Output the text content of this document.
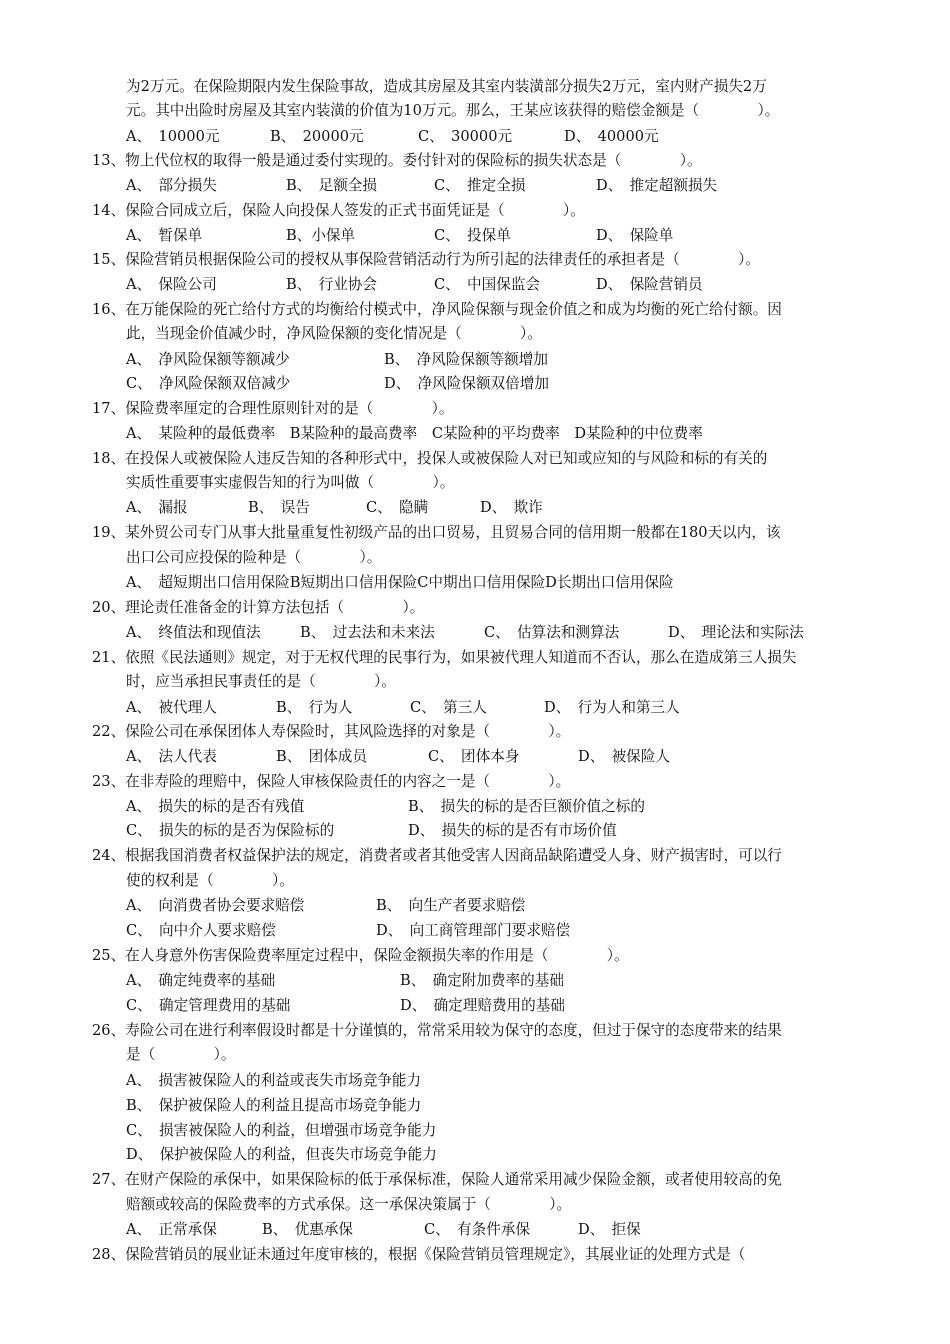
为2万元。在保险期限内发生保险事故，造成其房屋及其室内装潢部分损失2万元，室内财产损失2万
元。其中出险时房屋及其室内装潢的价值为10万元。那么，王某应该获得的赔偿金额是（　　　　）。
A、　10000元	B、　20000元	C、　30000元	D、　40000元
13、物上代位权的取得一般是通过委付实现的。委付针对的保险标的损失状态是（　　　　）。
A、　部分损失	B、　足额全损	C、　推定全损	D、　推定超额损失
14、保险合同成立后，保险人向投保人签发的正式书面凭证是（　　　　）。
A、　暂保单	B、小保单	C、　投保单	D、　保险单
15、保险营销员根据保险公司的授权从事保险营销活动行为所引起的法律责任的承担者是（　　　　）。
A、　保险公司	B、　行业协会	C、　中国保监会	D、　保险营销员
16、在万能保险的死亡给付方式的均衡给付模式中，净风险保额与现金价值之和成为均衡的死亡给付额。因
此，当现金价值减少时，净风险保额的变化情况是（　　　　）。
A、　净风险保额等额减少	B、　净风险保额等额增加
C、　净风险保额双倍减少	D、　净风险保额双倍增加
17、保险费率厘定的合理性原则针对的是（　　　　）。
A、　某险种的最低费率　B某险种的最高费率　C某险种的平均费率　D某险种的中位费率
18、在投保人或被保险人违反告知的各种形式中，投保人或被保险人对已知或应知的与风险和标的有关的
实质性重要事实虚假告知的行为叫做（　　　　）。
A、　漏报	B、　误告	C、　隐瞒	D、　欺诈
19、某外贸公司专门从事大批量重复性初级产品的出口贸易，且贸易合同的信用期一般都在180天以内，该
出口公司应投保的险种是（　　　　）。
A、　超短期出口信用保险B短期出口信用保险C中期出口信用保险D长期出口信用保险
20、理论责任准备金的计算方法包括（　　　　）。
A、　终值法和现值法	B、　过去法和未来法	C、　估算法和测算法	D、　理论法和实际法
21、依照《民法通则》规定，对于无权代理的民事行为，如果被代理人知道而不否认，那么在造成第三人损失
时，应当承担民事责任的是（　　　　）。
A、　被代理人	B、　行为人	C、　第三人	D、　行为人和第三人
22、保险公司在承保团体人寿保险时，其风险选择的对象是（　　　　）。
A、　法人代表	B、　团体成员	C、　团体本身	D、　被保险人
23、在非寿险的理赔中，保险人审核保险责任的内容之一是（　　　　）。
A、　损失的标的是否有残值	B、　损失的标的是否巨额价值之标的
C、　损失的标的是否为保险标的	D、　损失的标的是否有市场价值
24、根据我国消费者权益保护法的规定，消费者或者其他受害人因商品缺陷遭受人身、财产损害时，可以行
使的权利是（　　　　）。
A、　向消费者协会要求赔偿	B、　向生产者要求赔偿
C、　向中介人要求赔偿	D、　向工商管理部门要求赔偿
25、在人身意外伤害保险费率厘定过程中，保险金额损失率的作用是（　　　　）。
A、　确定纯费率的基础	B、　确定附加费率的基础
C、　确定管理费用的基础	D、　确定理赔费用的基础
26、寿险公司在进行利率假设时都是十分谨慎的，常常采用较为保守的态度，但过于保守的态度带来的结果
是（　　　　）。
A、　损害被保险人的利益或丧失市场竞争能力
B、　保护被保险人的利益且提高市场竞争能力
C、　损害被保险人的利益，但增强市场竞争能力
D、　保护被保险人的利益，但丧失市场竞争能力
27、在财产保险的承保中，如果保险标的低于承保标准，保险人通常采用减少保险金额，或者使用较高的免
赔额或较高的保险费率的方式承保。这一承保决策属于（　　　　）。
A、　正常承保	B、　优惠承保	C、　有条件承保	D、　拒保
28、保险营销员的展业证未通过年度审核的，根据《保险营销员管理规定》，其展业证的处理方式是（
